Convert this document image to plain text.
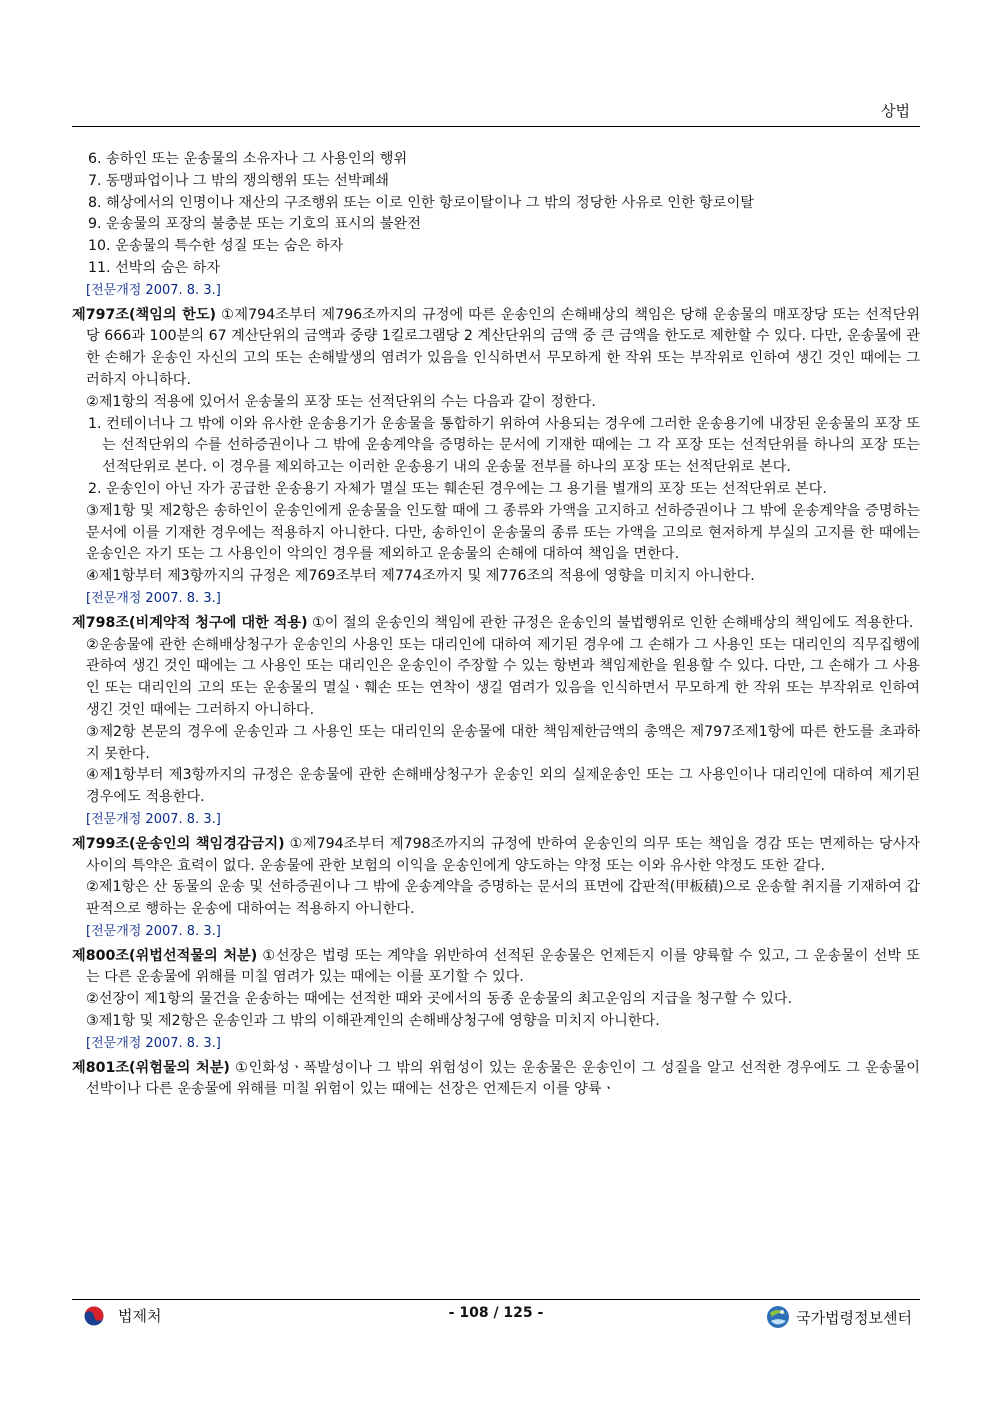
상법

6. 송하인 또는 운송물의 소유자나 그 사용인의 행위

7. 동맹파업이나 그 밖의 쟁의행위 또는 선박폐쇄

8. 해상에서의 인명이나 재산의 구조행위 또는 이로 인한 항로이탈이나 그 밖의 정당한 사유로 인한 항로이탈

9. 운송물의 포장의 불충분 또는 기호의 표시의 불완전

10. 운송물의 특수한 성질 또는 숨은 하자

11. 선박의 숨은 하자

[전문개정 2007. 8. 3.]

제797조(책임의 한도) ①제794조부터 제796조까지의 규정에 따른 운송인의 손해배상의 책임은 당해 운송물의 매포장당 또는 선적단위당 666과 100분의 67 계산단위의 금액과 중량 1킬로그램당 2 계산단위의 금액 중 큰 금액을 한도로 제한할 수 있다. 다만, 운송물에 관한 손해가 운송인 자신의 고의 또는 손해발생의 염려가 있음을 인식하면서 무모하게 한 작위 또는 부작위로 인하여 생긴 것인 때에는 그러하지 아니하다.

②제1항의 적용에 있어서 운송물의 포장 또는 선적단위의 수는 다음과 같이 정한다.

1. 컨테이너나 그 밖에 이와 유사한 운송용기가 운송물을 통합하기 위하여 사용되는 경우에 그러한 운송용기에 내장된 운송물의 포장 또는 선적단위의 수를 선하증권이나 그 밖에 운송계약을 증명하는 문서에 기재한 때에는 그 각 포장 또는 선적단위를 하나의 포장 또는 선적단위로 본다. 이 경우를 제외하고는 이러한 운송용기 내의 운송물 전부를 하나의 포장 또는 선적단위로 본다.

2. 운송인이 아닌 자가 공급한 운송용기 자체가 멸실 또는 훼손된 경우에는 그 용기를 별개의 포장 또는 선적단위로 본다.

③제1항 및 제2항은 송하인이 운송인에게 운송물을 인도할 때에 그 종류와 가액을 고지하고 선하증권이나 그 밖에 운송계약을 증명하는 문서에 이를 기재한 경우에는 적용하지 아니한다. 다만, 송하인이 운송물의 종류 또는 가액을 고의로 현저하게 부실의 고지를 한 때에는 운송인은 자기 또는 그 사용인이 악의인 경우를 제외하고 운송물의 손해에 대하여 책임을 면한다.

④제1항부터 제3항까지의 규정은 제769조부터 제774조까지 및 제776조의 적용에 영향을 미치지 아니한다.

[전문개정 2007. 8. 3.]

제798조(비계약적 청구에 대한 적용) ①이 절의 운송인의 책임에 관한 규정은 운송인의 불법행위로 인한 손해배상의 책임에도 적용한다.

②운송물에 관한 손해배상청구가 운송인의 사용인 또는 대리인에 대하여 제기된 경우에 그 손해가 그 사용인 또는 대리인의 직무집행에 관하여 생긴 것인 때에는 그 사용인 또는 대리인은 운송인이 주장할 수 있는 항변과 책임제한을 원용할 수 있다. 다만, 그 손해가 그 사용인 또는 대리인의 고의 또는 운송물의 멸실ㆍ훼손 또는 연착이 생길 염려가 있음을 인식하면서 무모하게 한 작위 또는 부작위로 인하여 생긴 것인 때에는 그러하지 아니하다.

③제2항 본문의 경우에 운송인과 그 사용인 또는 대리인의 운송물에 대한 책임제한금액의 총액은 제797조제1항에 따른 한도를 초과하지 못한다.

④제1항부터 제3항까지의 규정은 운송물에 관한 손해배상청구가 운송인 외의 실제운송인 또는 그 사용인이나 대리인에 대하여 제기된 경우에도 적용한다.

[전문개정 2007. 8. 3.]

제799조(운송인의 책임경감금지) ①제794조부터 제798조까지의 규정에 반하여 운송인의 의무 또는 책임을 경감 또는 면제하는 당사자 사이의 특약은 효력이 없다. 운송물에 관한 보험의 이익을 운송인에게 양도하는 약정 또는 이와 유사한 약정도 또한 같다.

②제1항은 산 동물의 운송 및 선하증권이나 그 밖에 운송계약을 증명하는 문서의 표면에 갑판적(甲板積)으로 운송할 취지를 기재하여 갑판적으로 행하는 운송에 대하여는 적용하지 아니한다.

[전문개정 2007. 8. 3.]

제800조(위법선적물의 처분) ①선장은 법령 또는 계약을 위반하여 선적된 운송물은 언제든지 이를 양륙할 수 있고, 그 운송물이 선박 또는 다른 운송물에 위해를 미칠 염려가 있는 때에는 이를 포기할 수 있다.

②선장이 제1항의 물건을 운송하는 때에는 선적한 때와 곳에서의 동종 운송물의 최고운임의 지급을 청구할 수 있다.

③제1항 및 제2항은 운송인과 그 밖의 이해관계인의 손해배상청구에 영향을 미치지 아니한다.

[전문개정 2007. 8. 3.]

제801조(위험물의 처분) ①인화성ㆍ폭발성이나 그 밖의 위험성이 있는 운송물은 운송인이 그 성질을 알고 선적한 경우에도 그 운송물이 선박이나 다른 운송물에 위해를 미칠 위험이 있는 때에는 선장은 언제든지 이를 양륙ㆍ

법제처	- 108 / 125 -	국가법령정보센터
